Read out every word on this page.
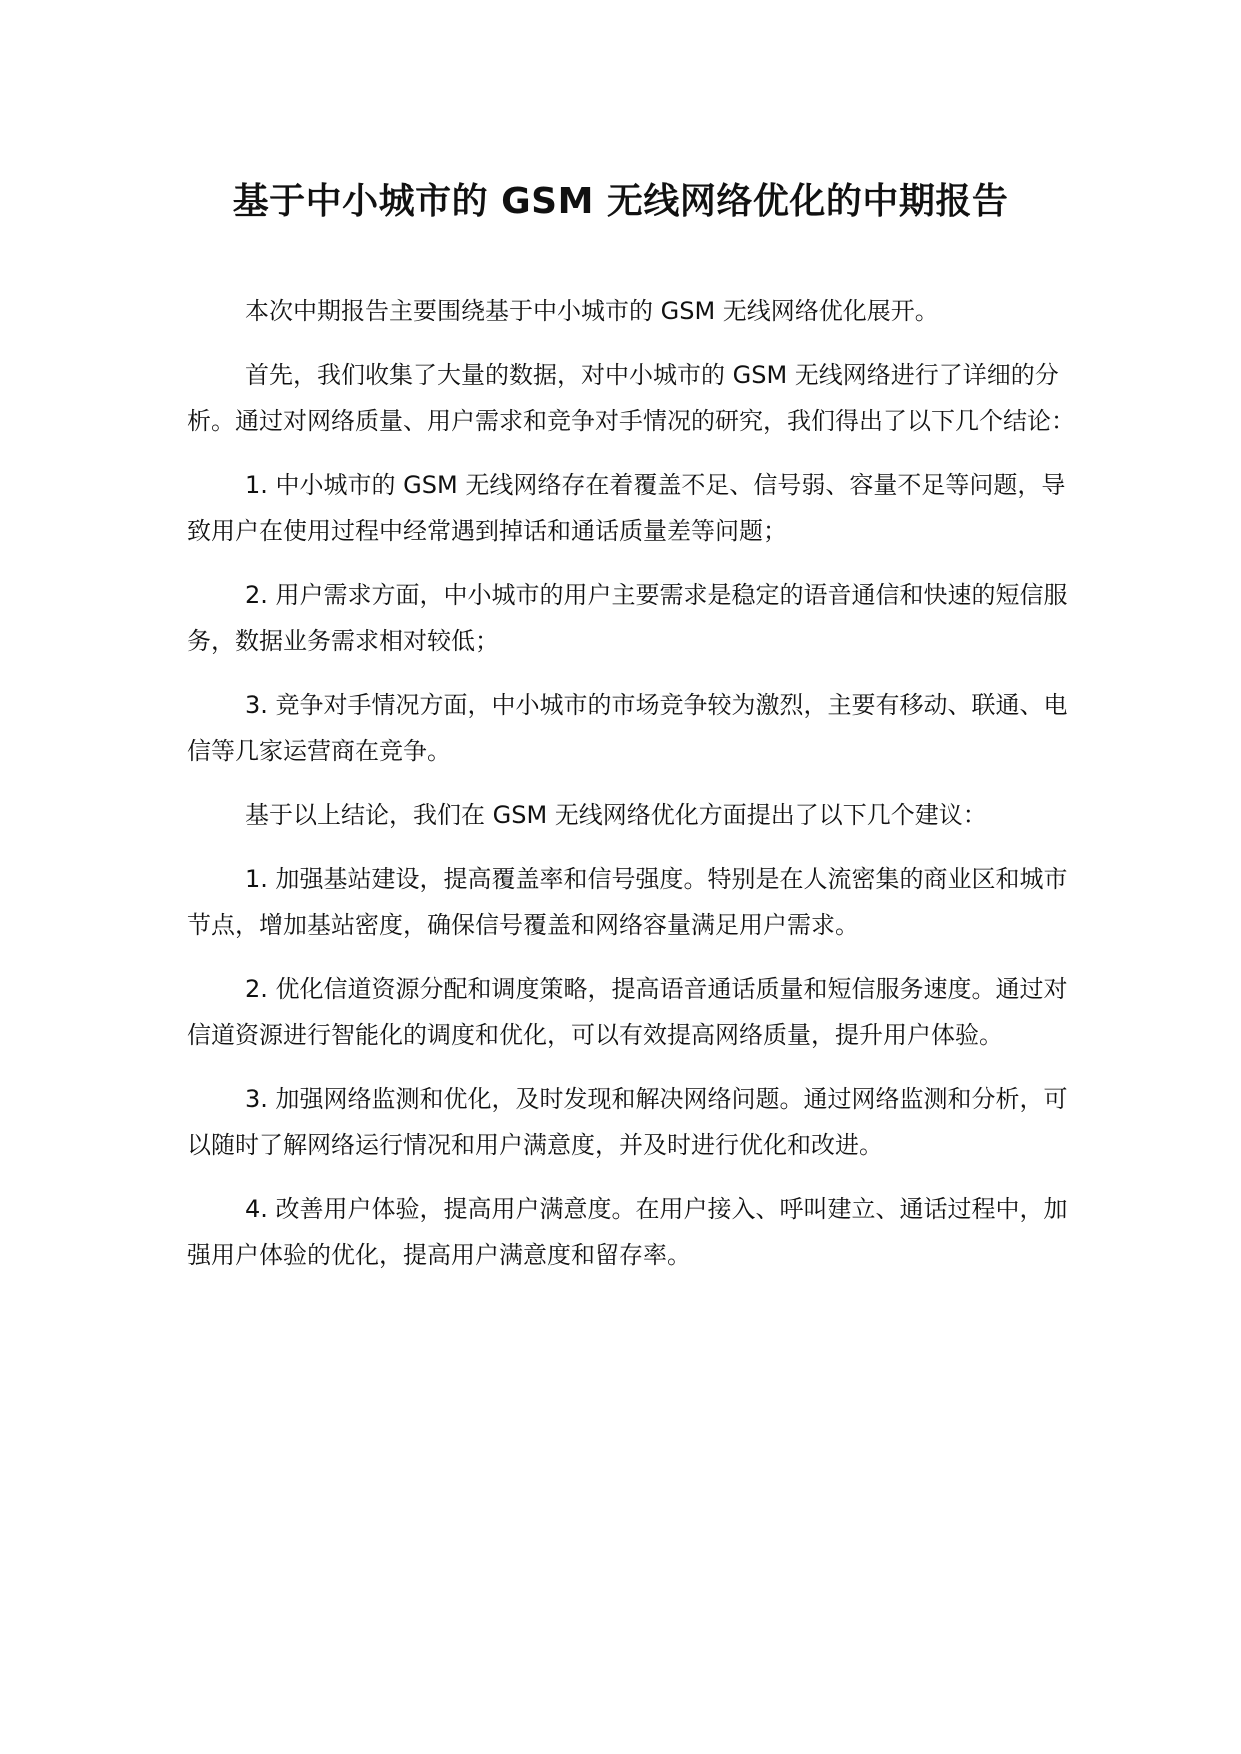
基于中小城市的 GSM 无线网络优化的中期报告

本次中期报告主要围绕基于中小城市的 GSM 无线网络优化展开。

首先，我们收集了大量的数据，对中小城市的 GSM 无线网络进行了详细的分析。通过对网络质量、用户需求和竞争对手情况的研究，我们得出了以下几个结论：

1. 中小城市的 GSM 无线网络存在着覆盖不足、信号弱、容量不足等问题，导致用户在使用过程中经常遇到掉话和通话质量差等问题；

2. 用户需求方面，中小城市的用户主要需求是稳定的语音通信和快速的短信服务，数据业务需求相对较低；

3. 竞争对手情况方面，中小城市的市场竞争较为激烈，主要有移动、联通、电信等几家运营商在竞争。

基于以上结论，我们在 GSM 无线网络优化方面提出了以下几个建议：

1. 加强基站建设，提高覆盖率和信号强度。特别是在人流密集的商业区和城市节点，增加基站密度，确保信号覆盖和网络容量满足用户需求。

2. 优化信道资源分配和调度策略，提高语音通话质量和短信服务速度。通过对信道资源进行智能化的调度和优化，可以有效提高网络质量，提升用户体验。

3. 加强网络监测和优化，及时发现和解决网络问题。通过网络监测和分析，可以随时了解网络运行情况和用户满意度，并及时进行优化和改进。

4. 改善用户体验，提高用户满意度。在用户接入、呼叫建立、通话过程中，加强用户体验的优化，提高用户满意度和留存率。
